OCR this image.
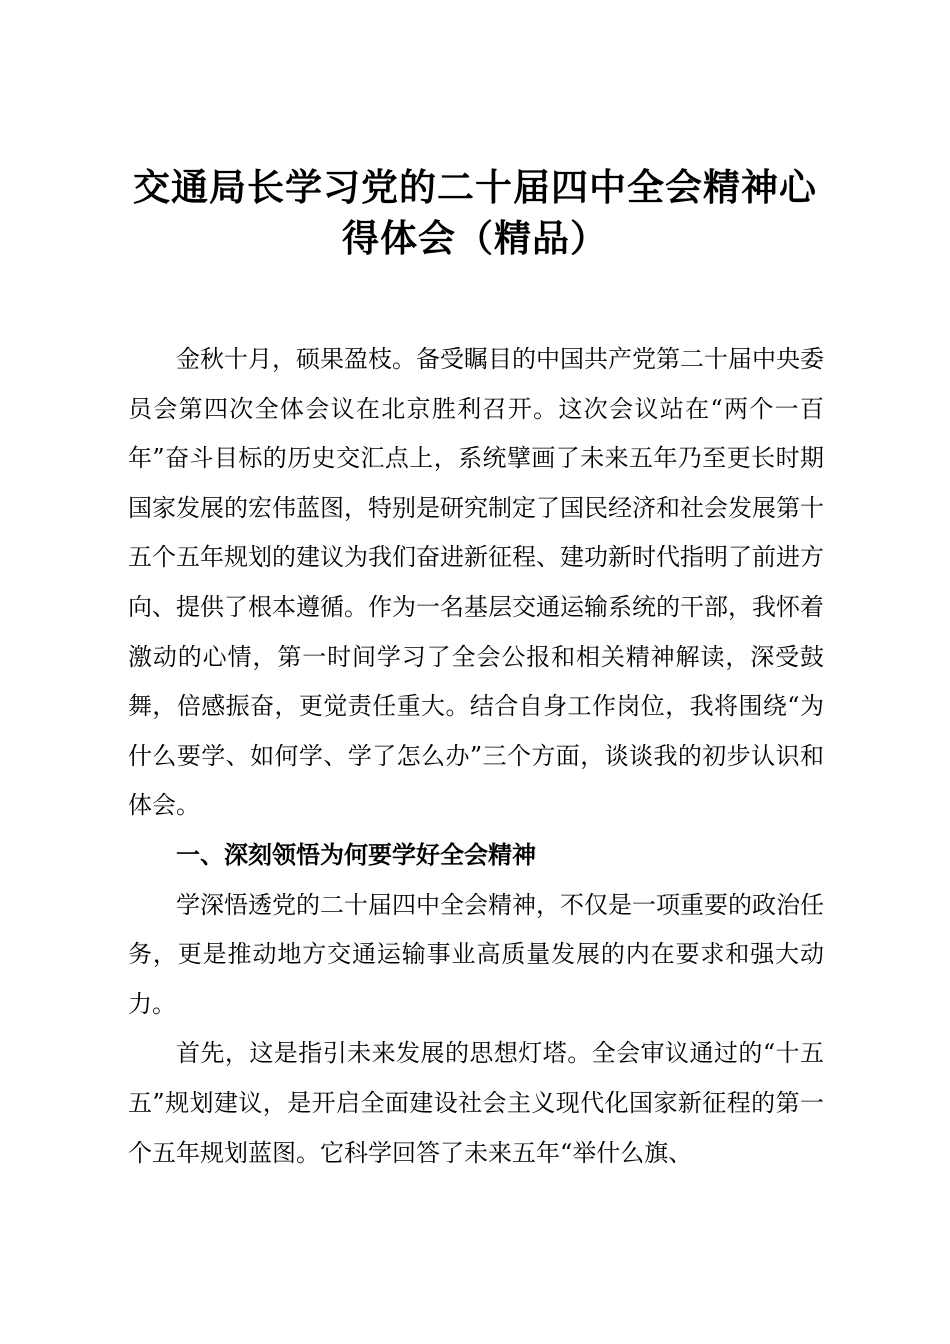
交通局长学习党的二十届四中全会精神心
得体会（精品）

金秋十月，硕果盈枝。备受瞩目的中国共产党第二十届中央委员会第四次全体会议在北京胜利召开。这次会议站在“两个一百年”奋斗目标的历史交汇点上，系统擘画了未来五年乃至更长时期国家发展的宏伟蓝图，特别是研究制定了国民经济和社会发展第十五个五年规划的建议为我们奋进新征程、建功新时代指明了前进方向、提供了根本遵循。作为一名基层交通运输系统的干部，我怀着激动的心情，第一时间学习了全会公报和相关精神解读，深受鼓舞，倍感振奋，更觉责任重大。结合自身工作岗位，我将围绕“为什么要学、如何学、学了怎么办”三个方面，谈谈我的初步认识和体会。

一、深刻领悟为何要学好全会精神

学深悟透党的二十届四中全会精神，不仅是一项重要的政治任务，更是推动地方交通运输事业高质量发展的内在要求和强大动力。

首先，这是指引未来发展的思想灯塔。全会审议通过的“十五五”规划建议，是开启全面建设社会主义现代化国家新征程的第一个五年规划蓝图。它科学回答了未来五年“举什么旗、
